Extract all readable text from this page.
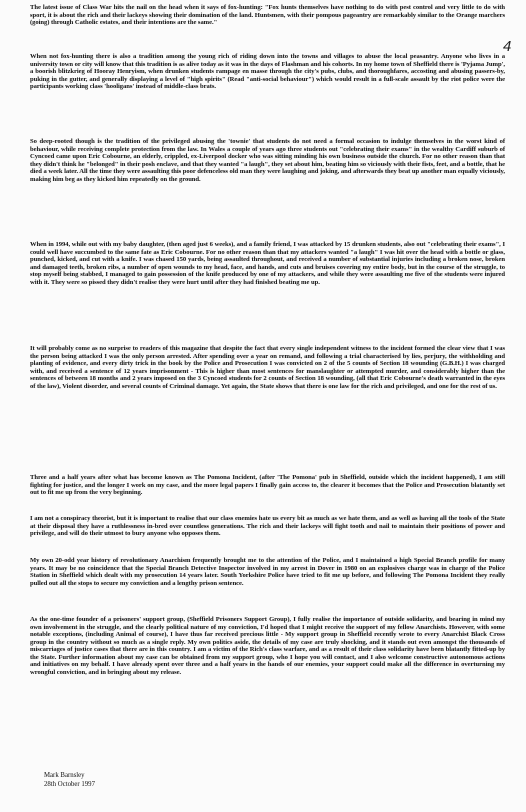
4

The latest issue of Class War hits the nail on the head when it says of fox-hunting: "Fox hunts themselves have nothing to do with pest control and very little to do with sport, it is about the rich and their lackeys showing their domination of the land. Huntsmen, with their pompous pageantry are remarkably similar to the Orange marchers (going) through Catholic estates, and their intentions are the same."

When not fox-hunting there is also a tradition among the young rich of riding down into the towns and villages to abuse the local peasantry. Anyone who lives in a university town or city will know that this tradition is as alive today as it was in the days of Flashman and his cohorts. In my home town of Sheffield there is 'Pyjama Jump', a boorish blitzkrieg of Hooray Henryism, when drunken students rampage en masse through the city's pubs, clubs, and thoroughfares, accosting and abusing passers-by, puking in the gutter, and generally displaying a level of "high spirits" (Read "anti-social behaviour") which would result in a full-scale assault by the riot police were the participants working class 'hooligans' instead of middle-class brats.

So deep-rooted though is the tradition of the privileged abusing the 'townie' that students do not need a formal occasion to indulge themselves in the worst kind of behaviour, while receiving complete protection from the law. In Wales a couple of years ago three students out "celebrating their exams" in the wealthy Cardiff suburb of Cyncoed came upon Eric Cobourne, an elderly, crippled, ex-Liverpool docker who was sitting minding his own business outside the church. For no other reason than that they didn't think he "belonged" in their posh enclave, and that they wanted "a laugh", they set about him, beating him so viciously with their fists, feet, and a bottle, that he died a week later. All the time they were assaulting this poor defenceless old man they were laughing and joking, and afterwards they beat up another man equally viciously, making him beg as they kicked him repeatedly on the ground.

When in 1994, while out with my baby daughter, (then aged just 6 weeks), and a family friend, I was attacked by 15 drunken students, also out "celebrating their exams", I could well have succumbed to the same fate as Eric Cobourne. For no other reason than that my attackers wanted "a laugh" I was hit over the head with a bottle or glass, punched, kicked, and cut with a knife. I was chased 150 yards, being assaulted throughout, and received a number of substantial injuries including a broken nose, broken and damaged teeth, broken ribs, a number of open wounds to my head, face, and hands, and cuts and bruises covering my entire body, but in the course of the struggle, to stop myself being stabbed, I managed to gain possession of the knife produced by one of my attackers, and while they were assaulting me five of the students were injured with it. They were so pissed they didn't realise they were hurt until after they had finished beating me up.

It will probably come as no surprise to readers of this magazine that despite the fact that every single independent witness to the incident formed the clear view that I was the person being attacked I was the only person arrested. After spending over a year on remand, and following a trial characterised by lies, perjury, the withholding and planting of evidence, and every dirty trick in the book by the Police and Prosecution I was convicted on 2 of the 5 counts of Section 18 wounding (G.B.H.) I was charged with, and received a sentence of 12 years imprisonment - This is higher than most sentences for manslaughter or attempted murder, and considerably higher than the sentences of between 18 months and 2 years imposed on the 3 Cyncoed students for 2 counts of Section 18 wounding, (all that Eric Cobourne's death warranted in the eyes of the law), Violent disorder, and several counts of Criminal damage. Yet again, the State shows that there is one law for the rich and privileged, and one for the rest of us.

Three and a half years after what has become known as The Pomona Incident, (after 'The Pomona' pub in Sheffield, outside which the incident happened), I am still fighting for justice, and the longer I work on my case, and the more legal papers I finally gain access to, the clearer it becomes that the Police and Prosecution blatantly set out to fit me up from the very beginning.

I am not a conspiracy theorist, but it is important to realise that our class enemies hate us every bit as much as we hate them, and as well as having all the tools of the State at their disposal they have a ruthlessness in-bred over countless generations. The rich and their lackeys will fight tooth and nail to maintain their positions of power and privilege, and will do their utmost to bury anyone who opposes them.

My own 20-odd year history of revolutionary Anarchism frequently brought me to the attention of the Police, and I maintained a high Special Branch profile for many years. It may be no coincidence that the Special Branch Detective Inspector involved in my arrest in Dover in 1980 on an explosives charge was in charge of the Police Station in Sheffield which dealt with my prosecution 14 years later. South Yorkshire Police have tried to fit me up before, and following The Pomona Incident they really pulled out all the stops to secure my conviction and a lengthy prison sentence.

As the one-time founder of a prisoners' support group, (Sheffield Prisoners Support Group), I fully realise the importance of outside solidarity, and bearing in mind my own involvement in the struggle, and the clearly political nature of my conviction, I'd hoped that I might receive the support of my fellow Anarchists. However, with some notable exceptions, (including Animal of course), I have thus far received precious little - My support group in Sheffield recently wrote to every Anarchist Black Cross group in the country without so much as a single reply. My own politics aside, the details of my case are truly shocking, and it stands out even amongst the thousands of miscarriages of justice cases that there are in this country. I am a victim of the Rich's class warfare, and as a result of their class solidarity have been blatantly fitted-up by the State. Further information about my case can be obtained from my support group, who I hope you will contact, and I also welcome constructive autonomous actions and initiatives on my behalf. I have already spent over three and a half years in the hands of our enemies, your support could make all the difference in overturning my wrongful conviction, and in bringing about my release.

Mark Barnsley
28th October 1997
